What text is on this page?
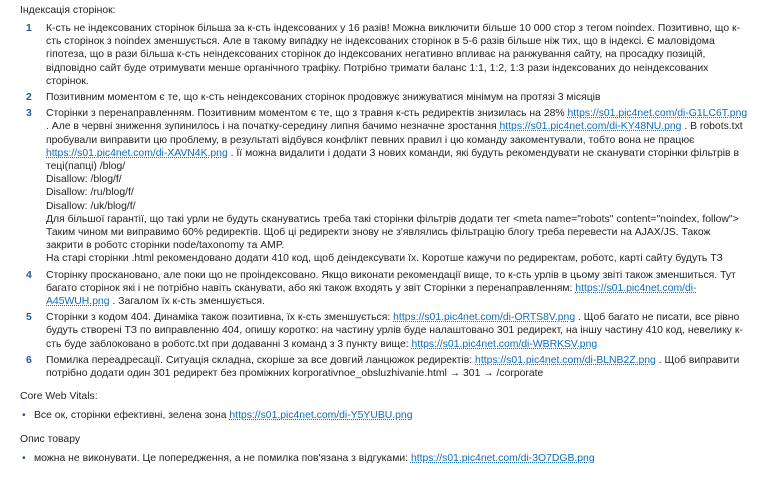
Індексація сторінок:

1 К-сть не індексованих сторінок більша за к-сть індексованих у 16 разів! Можна виключити більше 10 000 стор з тегом noindex. Позитивно, що к-сть сторінок з noindex зменшується. Але в такому випадку не індексованих сторінок в 5-6 разів більше ніж тих, що в індексі. Є маловідома гіпотеза, що в рази більша к-сть неіндексованих сторінок до індексованих негативно впливає на ранжування сайту, на просадку позицій, відповідно сайт буде отримувати менше органічного трафіку. Потрібно тримати баланс 1:1, 1:2, 1:3 рази індексованих до неіндексованих сторінок.
2 Позитивним моментом є те, що к-сть неіндексованих сторінок продовжує знижуватися мінімум на протязі 3 місяців
3 Сторінки з перенаправленням. Позитивним моментом є те, що з травня к-сть редиректів знизилась на 28% https://s01.pic4net.com/di-G1LC6T.png . Але в червні зниження зупинилось і на початку-середину липня бачимо незначне зростання https://s01.pic4net.com/di-KY48NU.png . В robots.txt пробували виправити цю проблему, в результаті відбувся конфлікт певних правил і цю команду закоментували, тобто вона не працює https://s01.pic4net.com/di-XAVN4K.png . Її можна видалити і додати 3 нових команди, які будуть рекомендувати не сканувати сторінки фільтрів в теці(папці) /blog/
Disallow: /blog/f/
Disallow: /ru/blog/f/
Disallow: /uk/blog/f/
Для більшої гарантії, що такі урли не будуть скануватись треба такі сторінки фільтрів додати тег <meta name="robots" content="noindex, follow">
Таким чином ми виправимо 60% редиректів. Щоб ці редиректи знову не з'являлись фільтрацію блогу треба перевести на AJAX/JS. Також закрити в роботс сторінки node/taxonomy та AMP.
На старі сторінки .html рекомендовано додати 410 код, щоб деіндексувати їх. Коротше кажучи по редиректам, роботс, карті сайту будуть ТЗ
4 Сторінку проскановано, але поки що не проіндексовано. Якщо виконати рекомендації вище, то к-сть урлів в цьому звіті також зменшиться. Тут багато сторінок які і не потрібно навіть сканувати, або які також входять у звіт Сторінки з перенаправленням: https://s01.pic4net.com/di-A45WUH.png . Загалом їх к-сть зменшується.
5 Сторінки з кодом 404. Динаміка також позитивна, їх к-сть зменшується: https://s01.pic4net.com/di-ORTS8V.png . Щоб багато не писати, все рівно будуть створені ТЗ по виправленню 404, опишу коротко: на частину урлів буде налаштовано 301 редирект, на іншу частину 410 код, невелику к-сть буде заблоковано в роботс.txt при додаванні 3 команд з 3 пункту вище: https://s01.pic4net.com/di-WBRKSV.png
6 Помилка переадресації. Ситуація складна, скоріше за все довгий ланцюжок редиректів: https://s01.pic4net.com/di-BLNB2Z.png . Щоб виправити потрібно додати один 301 редирект без проміжних korporativnoe_obsluzhivanie.html → 301 → /corporate

Core Web Vitals:

• Все ок, сторінки ефективні, зелена зона https://s01.pic4net.com/di-Y5YUBU.png

Опис товару

• можна не виконувати. Це попередження, а не помилка пов'язана з відгуками: https://s01.pic4net.com/di-3O7DGB.png
